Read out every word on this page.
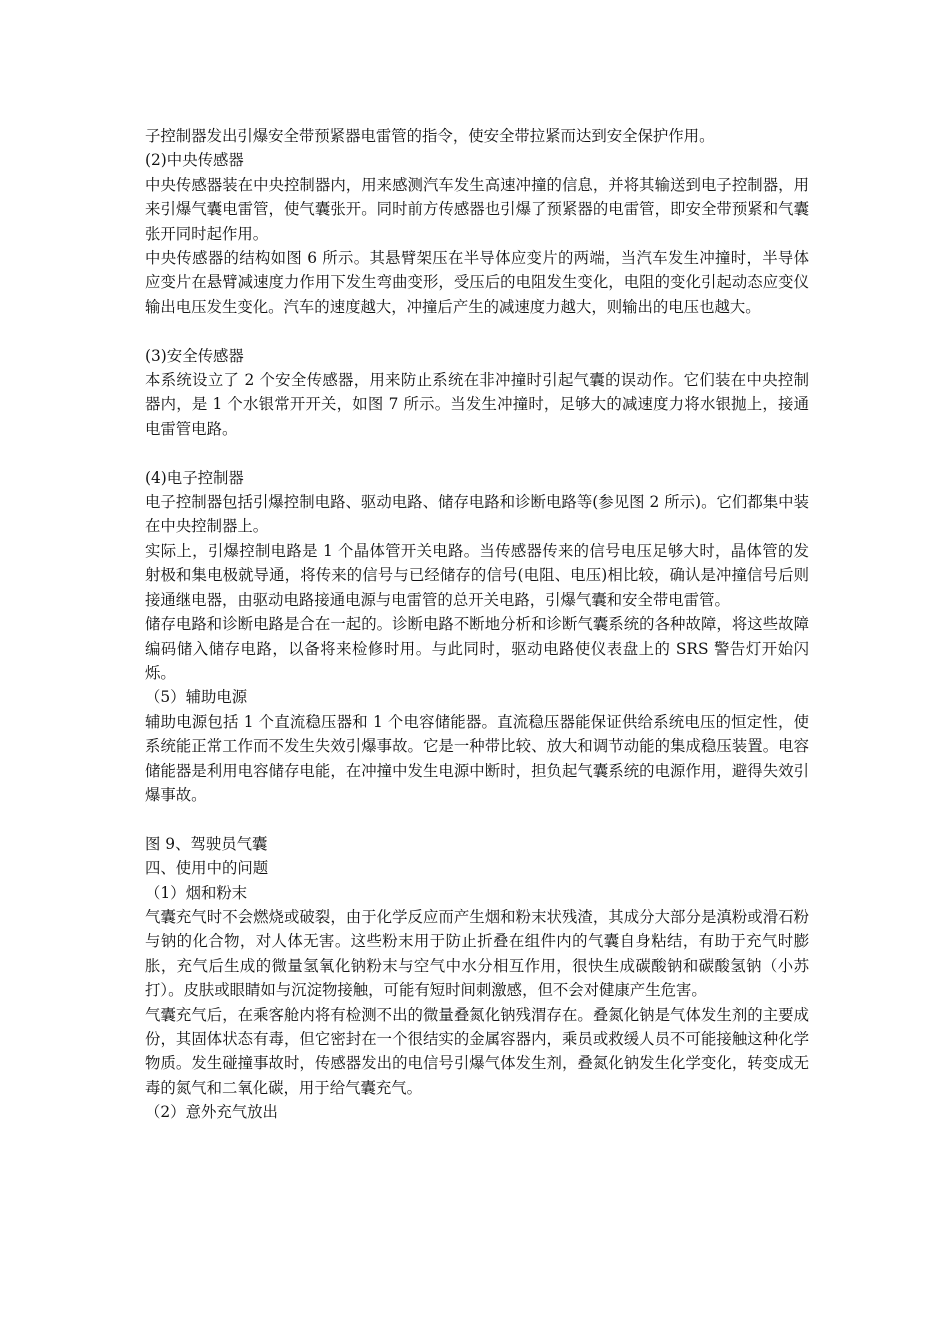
子控制器发出引爆安全带预紧器电雷管的指令，使安全带拉紧而达到安全保护作用。

(2)中央传感器

中央传感器装在中央控制器内，用来感测汽车发生高速冲撞的信息，并将其输送到电子控制器，用来引爆气囊电雷管，使气囊张开。同时前方传感器也引爆了预紧器的电雷管，即安全带预紧和气囊张开同时起作用。

中央传感器的结构如图 6 所示。其悬臂架压在半导体应变片的两端，当汽车发生冲撞时，半导体应变片在悬臂减速度力作用下发生弯曲变形，受压后的电阻发生变化，电阻的变化引起动态应变仪输出电压发生变化。汽车的速度越大，冲撞后产生的减速度力越大，则输出的电压也越大。

(3)安全传感器

本系统设立了 2 个安全传感器，用来防止系统在非冲撞时引起气囊的误动作。它们装在中央控制器内，是 1 个水银常开开关，如图 7 所示。当发生冲撞时，足够大的减速度力将水银抛上，接通电雷管电路。

(4)电子控制器

电子控制器包括引爆控制电路、驱动电路、储存电路和诊断电路等(参见图 2 所示)。它们都集中装在中央控制器上。

实际上，引爆控制电路是 1 个晶体管开关电路。当传感器传来的信号电压足够大时，晶体管的发射极和集电极就导通，将传来的信号与已经储存的信号(电阻、电压)相比较，确认是冲撞信号后则接通继电器，由驱动电路接通电源与电雷管的总开关电路，引爆气囊和安全带电雷管。

储存电路和诊断电路是合在一起的。诊断电路不断地分析和诊断气囊系统的各种故障，将这些故障编码储入储存电路，以备将来检修时用。与此同时，驱动电路使仪表盘上的 SRS 警告灯开始闪烁。

（5）辅助电源

辅助电源包括 1 个直流稳压器和 1 个电容储能器。直流稳压器能保证供给系统电压的恒定性，使系统能正常工作而不发生失效引爆事故。它是一种带比较、放大和调节动能的集成稳压装置。电容储能器是利用电容储存电能，在冲撞中发生电源中断时，担负起气囊系统的电源作用，避得失效引爆事故。

图 9、驾驶员气囊

四、使用中的问题

（1）烟和粉末

气囊充气时不会燃烧或破裂，由于化学反应而产生烟和粉末状残渣，其成分大部分是滇粉或滑石粉与钠的化合物，对人体无害。这些粉末用于防止折叠在组件内的气囊自身粘结，有助于充气时膨胀，充气后生成的微量氢氧化钠粉末与空气中水分相互作用，很快生成碳酸钠和碳酸氢钠（小苏打）。皮肤或眼睛如与沉淀物接触，可能有短时间刺激感，但不会对健康产生危害。

气囊充气后，在乘客舱内将有检测不出的微量叠氮化钠残渭存在。叠氮化钠是气体发生剂的主要成份，其固体状态有毒，但它密封在一个很结实的金属容器内，乘员或救缓人员不可能接触这种化学物质。发生碰撞事故时，传感器发出的电信号引爆气体发生剂，叠氮化钠发生化学变化，转变成无毒的氮气和二氧化碳，用于给气囊充气。

（2）意外充气放出
